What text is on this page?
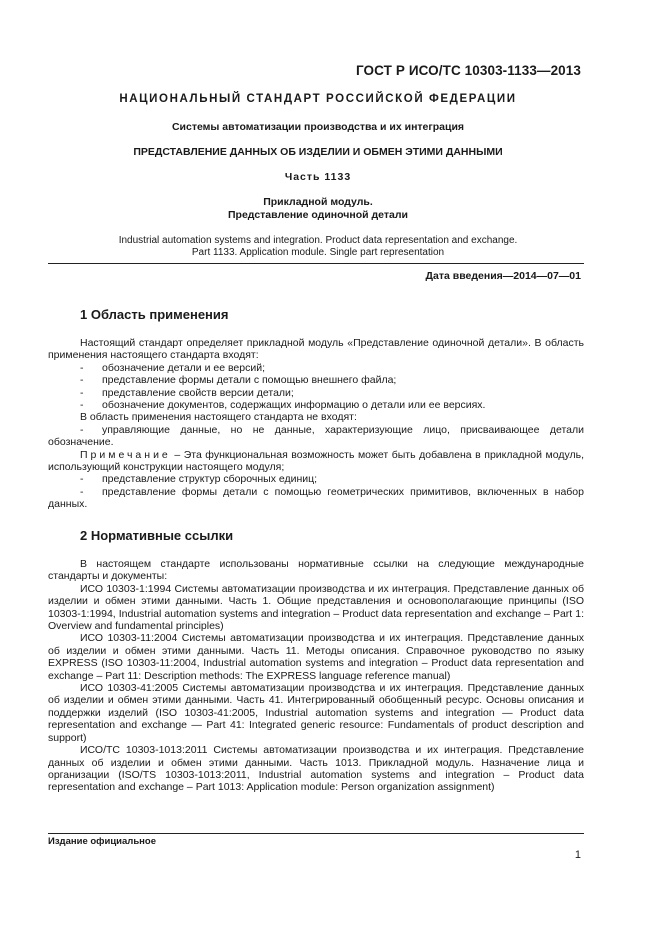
ГОСТ Р ИСО/ТС 10303-1133—2013
НАЦИОНАЛЬНЫЙ СТАНДАРТ РОССИЙСКОЙ ФЕДЕРАЦИИ
Системы автоматизации производства и их интеграция
ПРЕДСТАВЛЕНИЕ ДАННЫХ ОБ ИЗДЕЛИИ И ОБМЕН ЭТИМИ ДАННЫМИ
Часть 1133
Прикладной модуль.
Представление одиночной детали
Industrial automation systems and integration. Product data representation and exchange.
Part 1133. Application module. Single part representation
Дата введения—2014—07—01
1 Область применения

Настоящий стандарт определяет прикладной модуль «Представление одиночной детали». В область применения настоящего стандарта входят:

-	обозначение детали и ее версий;
-	представление формы детали с помощью внешнего файла;
-	представление свойств версии детали;
-	обозначение документов, содержащих информацию о детали или ее версиях.

В область применения настоящего стандарта не входят:

- управляющие данные, но не данные, характеризующие лицо, присваивающее детали обозначение.

Примечание – Эта функциональная возможность может быть добавлена в прикладной модуль, использующий конструкции настоящего модуля;

-	представление структур сборочных единиц;

- представление формы детали с помощью геометрических примитивов, включенных в набор данных.

2 Нормативные ссылки

В настоящем стандарте использованы нормативные ссылки на следующие международные стандарты и документы:

ИСО 10303-1:1994 Системы автоматизации производства и их интеграция. Представление данных об изделии и обмен этими данными. Часть 1. Общие представления и основополагающие принципы (ISO 10303-1:1994, Industrial automation systems and integration – Product data representation and exchange – Part 1: Overview and fundamental principles)

ИСО 10303-11:2004 Системы автоматизации производства и их интеграция. Представление данных об изделии и обмен этими данными. Часть 11. Методы описания. Справочное руководство по языку EXPRESS (ISO 10303-11:2004, Industrial automation systems and integration – Product data representation and exchange – Part 11: Description methods: The EXPRESS language reference manual)

ИСО 10303-41:2005 Системы автоматизации производства и их интеграция. Представление данных об изделии и обмен этими данными. Часть 41. Интегрированный обобщенный ресурс. Основы описания и поддержки изделий (ISO 10303-41:2005, Industrial automation systems and integration — Product data representation and exchange — Part 41: Integrated generic resource: Fundamentals of product description and support)

ИСО/ТС 10303-1013:2011 Системы автоматизации производства и их интеграция. Представление данных об изделии и обмен этими данными. Часть 1013. Прикладной модуль. Назначение лица и организации (ISO/TS 10303-1013:2011, Industrial automation systems and integration – Product data representation and exchange – Part 1013: Application module: Person organization assignment)

Издание официальное
1
